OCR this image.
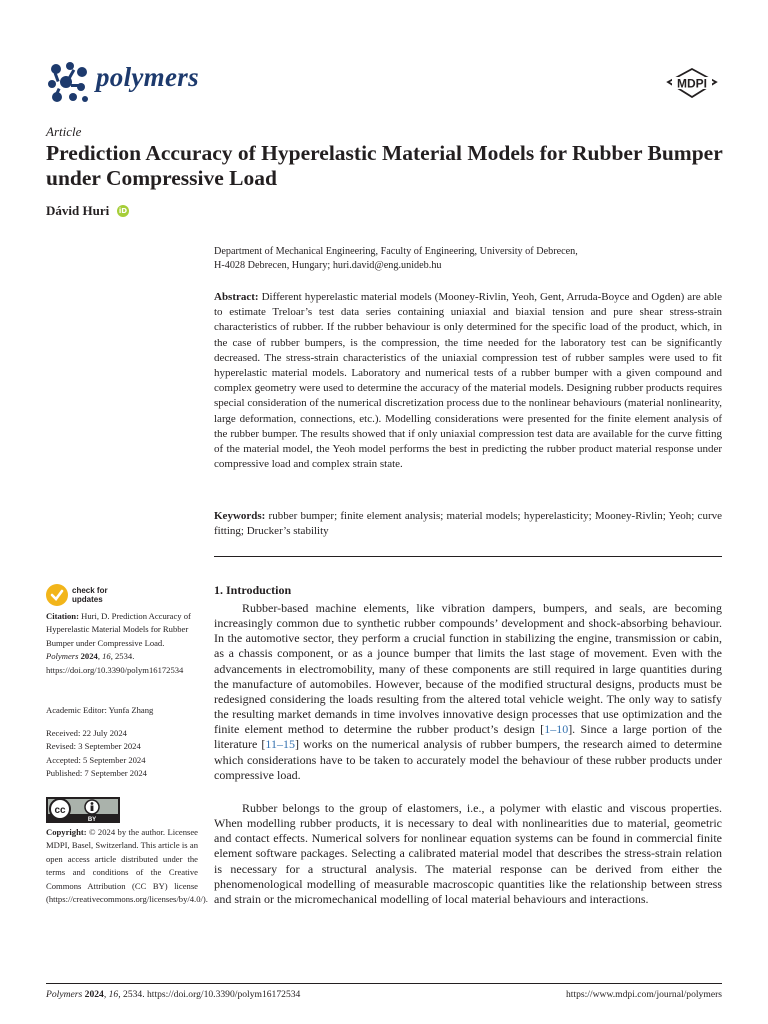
polymers	MDPI
Article
Prediction Accuracy of Hyperelastic Material Models for Rubber Bumper under Compressive Load
Dávid Huri iD
Department of Mechanical Engineering, Faculty of Engineering, University of Debrecen,
H-4028 Debrecen, Hungary; huri.david@eng.unideb.hu
Abstract: Different hyperelastic material models (Mooney-Rivlin, Yeoh, Gent, Arruda-Boyce and Ogden) are able to estimate Treloar’s test data series containing uniaxial and biaxial tension and pure shear stress-strain characteristics of rubber. If the rubber behaviour is only determined for the specific load of the product, which, in the case of rubber bumpers, is the compression, the time needed for the laboratory test can be significantly decreased. The stress-strain characteristics of the uniaxial compression test of rubber samples were used to fit hyperelastic material models. Laboratory and numerical tests of a rubber bumper with a given compound and complex geometry were used to determine the accuracy of the material models. Designing rubber products requires special consideration of the numerical discretization process due to the nonlinear behaviours (material nonlinearity, large deformation, connections, etc.). Modelling considerations were presented for the finite element analysis of the rubber bumper. The results showed that if only uniaxial compression test data are available for the curve fitting of the material model, the Yeoh model performs the best in predicting the rubber product material response under compressive load and complex strain state.
Keywords: rubber bumper; finite element analysis; material models; hyperelasticity; Mooney-Rivlin; Yeoh; curve fitting; Drucker’s stability
check for
updates
Citation: Huri, D. Prediction Accuracy of Hyperelastic Material Models for Rubber Bumper under Compressive Load. Polymers 2024, 16, 2534. https://doi.org/10.3390/polym16172534
Academic Editor: Yunfa Zhang
Received: 22 July 2024
Revised: 3 September 2024
Accepted: 5 September 2024
Published: 7 September 2024
cc
BY
Copyright: © 2024 by the author. Licensee MDPI, Basel, Switzerland. This article is an open access article distributed under the terms and conditions of the Creative Commons Attribution (CC BY) license (https://creativecommons.org/licenses/by/4.0/).
1. Introduction

Rubber-based machine elements, like vibration dampers, bumpers, and seals, are becoming increasingly common due to synthetic rubber compounds’ development and shock-absorbing behaviour. In the automotive sector, they perform a crucial function in stabilizing the engine, transmission or cabin, as a chassis component, or as a jounce bumper that limits the last stage of movement. Even with the advancements in electromobility, many of these components are still required in large quantities during the manufacture of automobiles. However, because of the modified structural designs, products must be redesigned considering the loads resulting from the altered total vehicle weight. The only way to satisfy the resulting market demands in time involves innovative design processes that use optimization and the finite element method to determine the rubber product’s design [1–10]. Since a large portion of the literature [11–15] works on the numerical analysis of rubber bumpers, the research aimed to determine which considerations have to be taken to accurately model the behaviour of these rubber products under compressive load.

Rubber belongs to the group of elastomers, i.e., a polymer with elastic and viscous properties. When modelling rubber products, it is necessary to deal with nonlinearities due to material, geometric and contact effects. Numerical solvers for nonlinear equation systems can be found in commercial finite element software packages. Selecting a calibrated material model that describes the stress-strain relation is necessary for a structural analysis. The material response can be derived from either the phenomenological modelling of measurable macroscopic quantities like the relationship between stress and strain or the micromechanical modelling of local material behaviours and interactions.

Polymers 2024, 16, 2534. https://doi.org/10.3390/polym16172534	https://www.mdpi.com/journal/polymers
